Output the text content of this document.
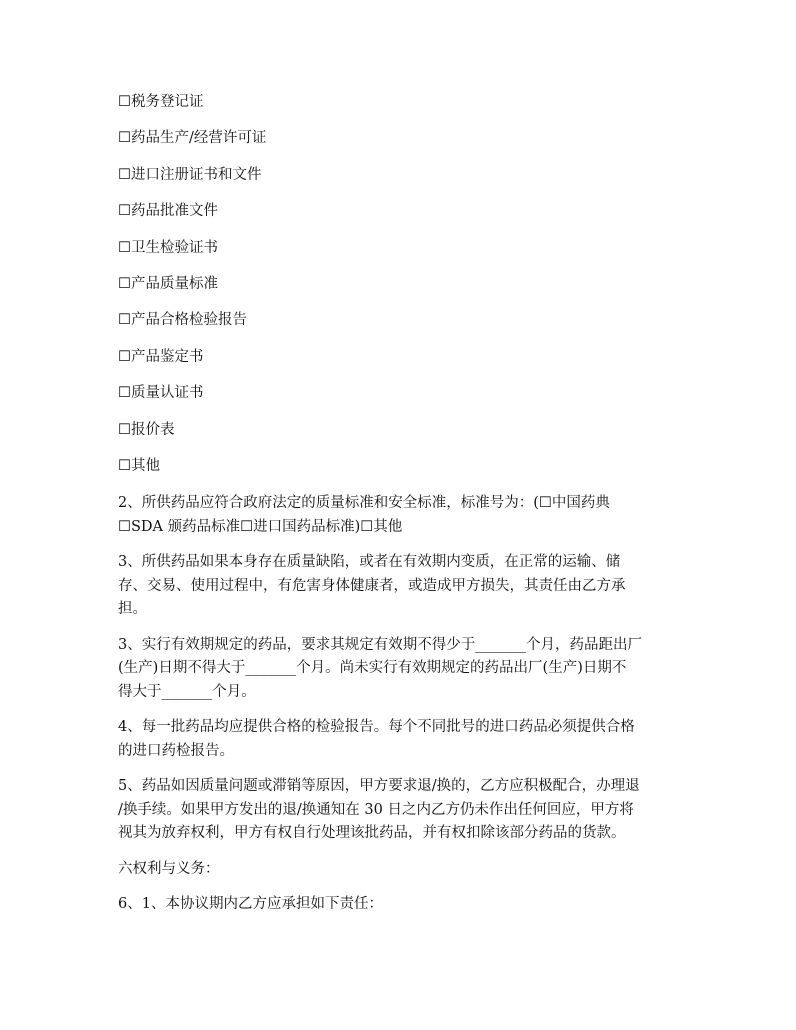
☐税务登记证
☐药品生产/经营许可证
☐进口注册证书和文件
☐药品批准文件
☐卫生检验证书
☐产品质量标准
☐产品合格检验报告
☐产品鉴定书
☐质量认证书
☐报价表
☐其他
2、所供药品应符合政府法定的质量标准和安全标准，标准号为：(☐中国药典
☐SDA 颁药品标准☐进口国药品标准)☐其他
3、所供药品如果本身存在质量缺陷，或者在有效期内变质，在正常的运输、储
存、交易、使用过程中，有危害身体健康者，或造成甲方损失，其责任由乙方承
担。
3、实行有效期规定的药品，要求其规定有效期不得少于_______个月，药品距出厂
(生产)日期不得大于_______个月。尚未实行有效期规定的药品出厂(生产)日期不
得大于_______个月。
4、每一批药品均应提供合格的检验报告。每个不同批号的进口药品必须提供合格
的进口药检报告。
5、药品如因质量问题或滞销等原因，甲方要求退/换的，乙方应积极配合，办理退
/换手续。如果甲方发出的退/换通知在 30 日之内乙方仍未作出任何回应，甲方将
视其为放弃权利，甲方有权自行处理该批药品，并有权扣除该部分药品的货款。
六权利与义务：
6、1、本协议期内乙方应承担如下责任：
